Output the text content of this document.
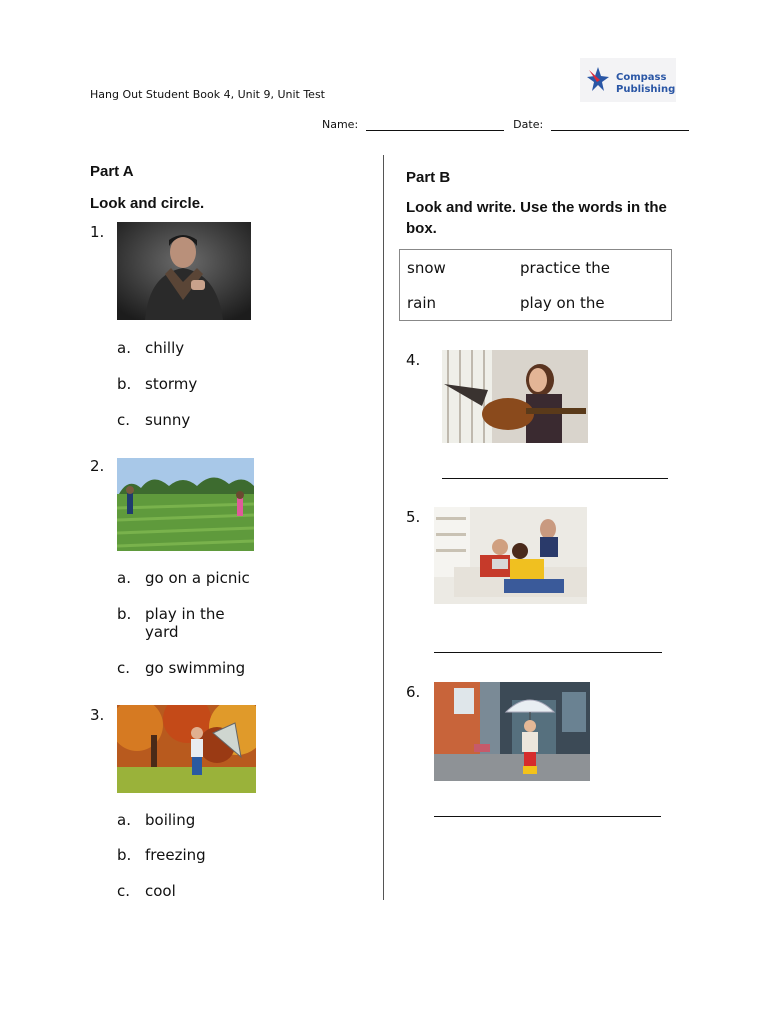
Hang Out Student Book 4, Unit 9, Unit Test
Compass
Publishing
Name:	Date:
Part A
Look and circle.
1.
a. chilly
b. stormy
c. sunny
2.
a. go on a picnic
b. play in the yard
c. go swimming
3.
a. boiling
b. freezing
c. cool
Part B
Look and write. Use the words in the box.
snow	practice the
rain	play on the
4.
5.
6.
